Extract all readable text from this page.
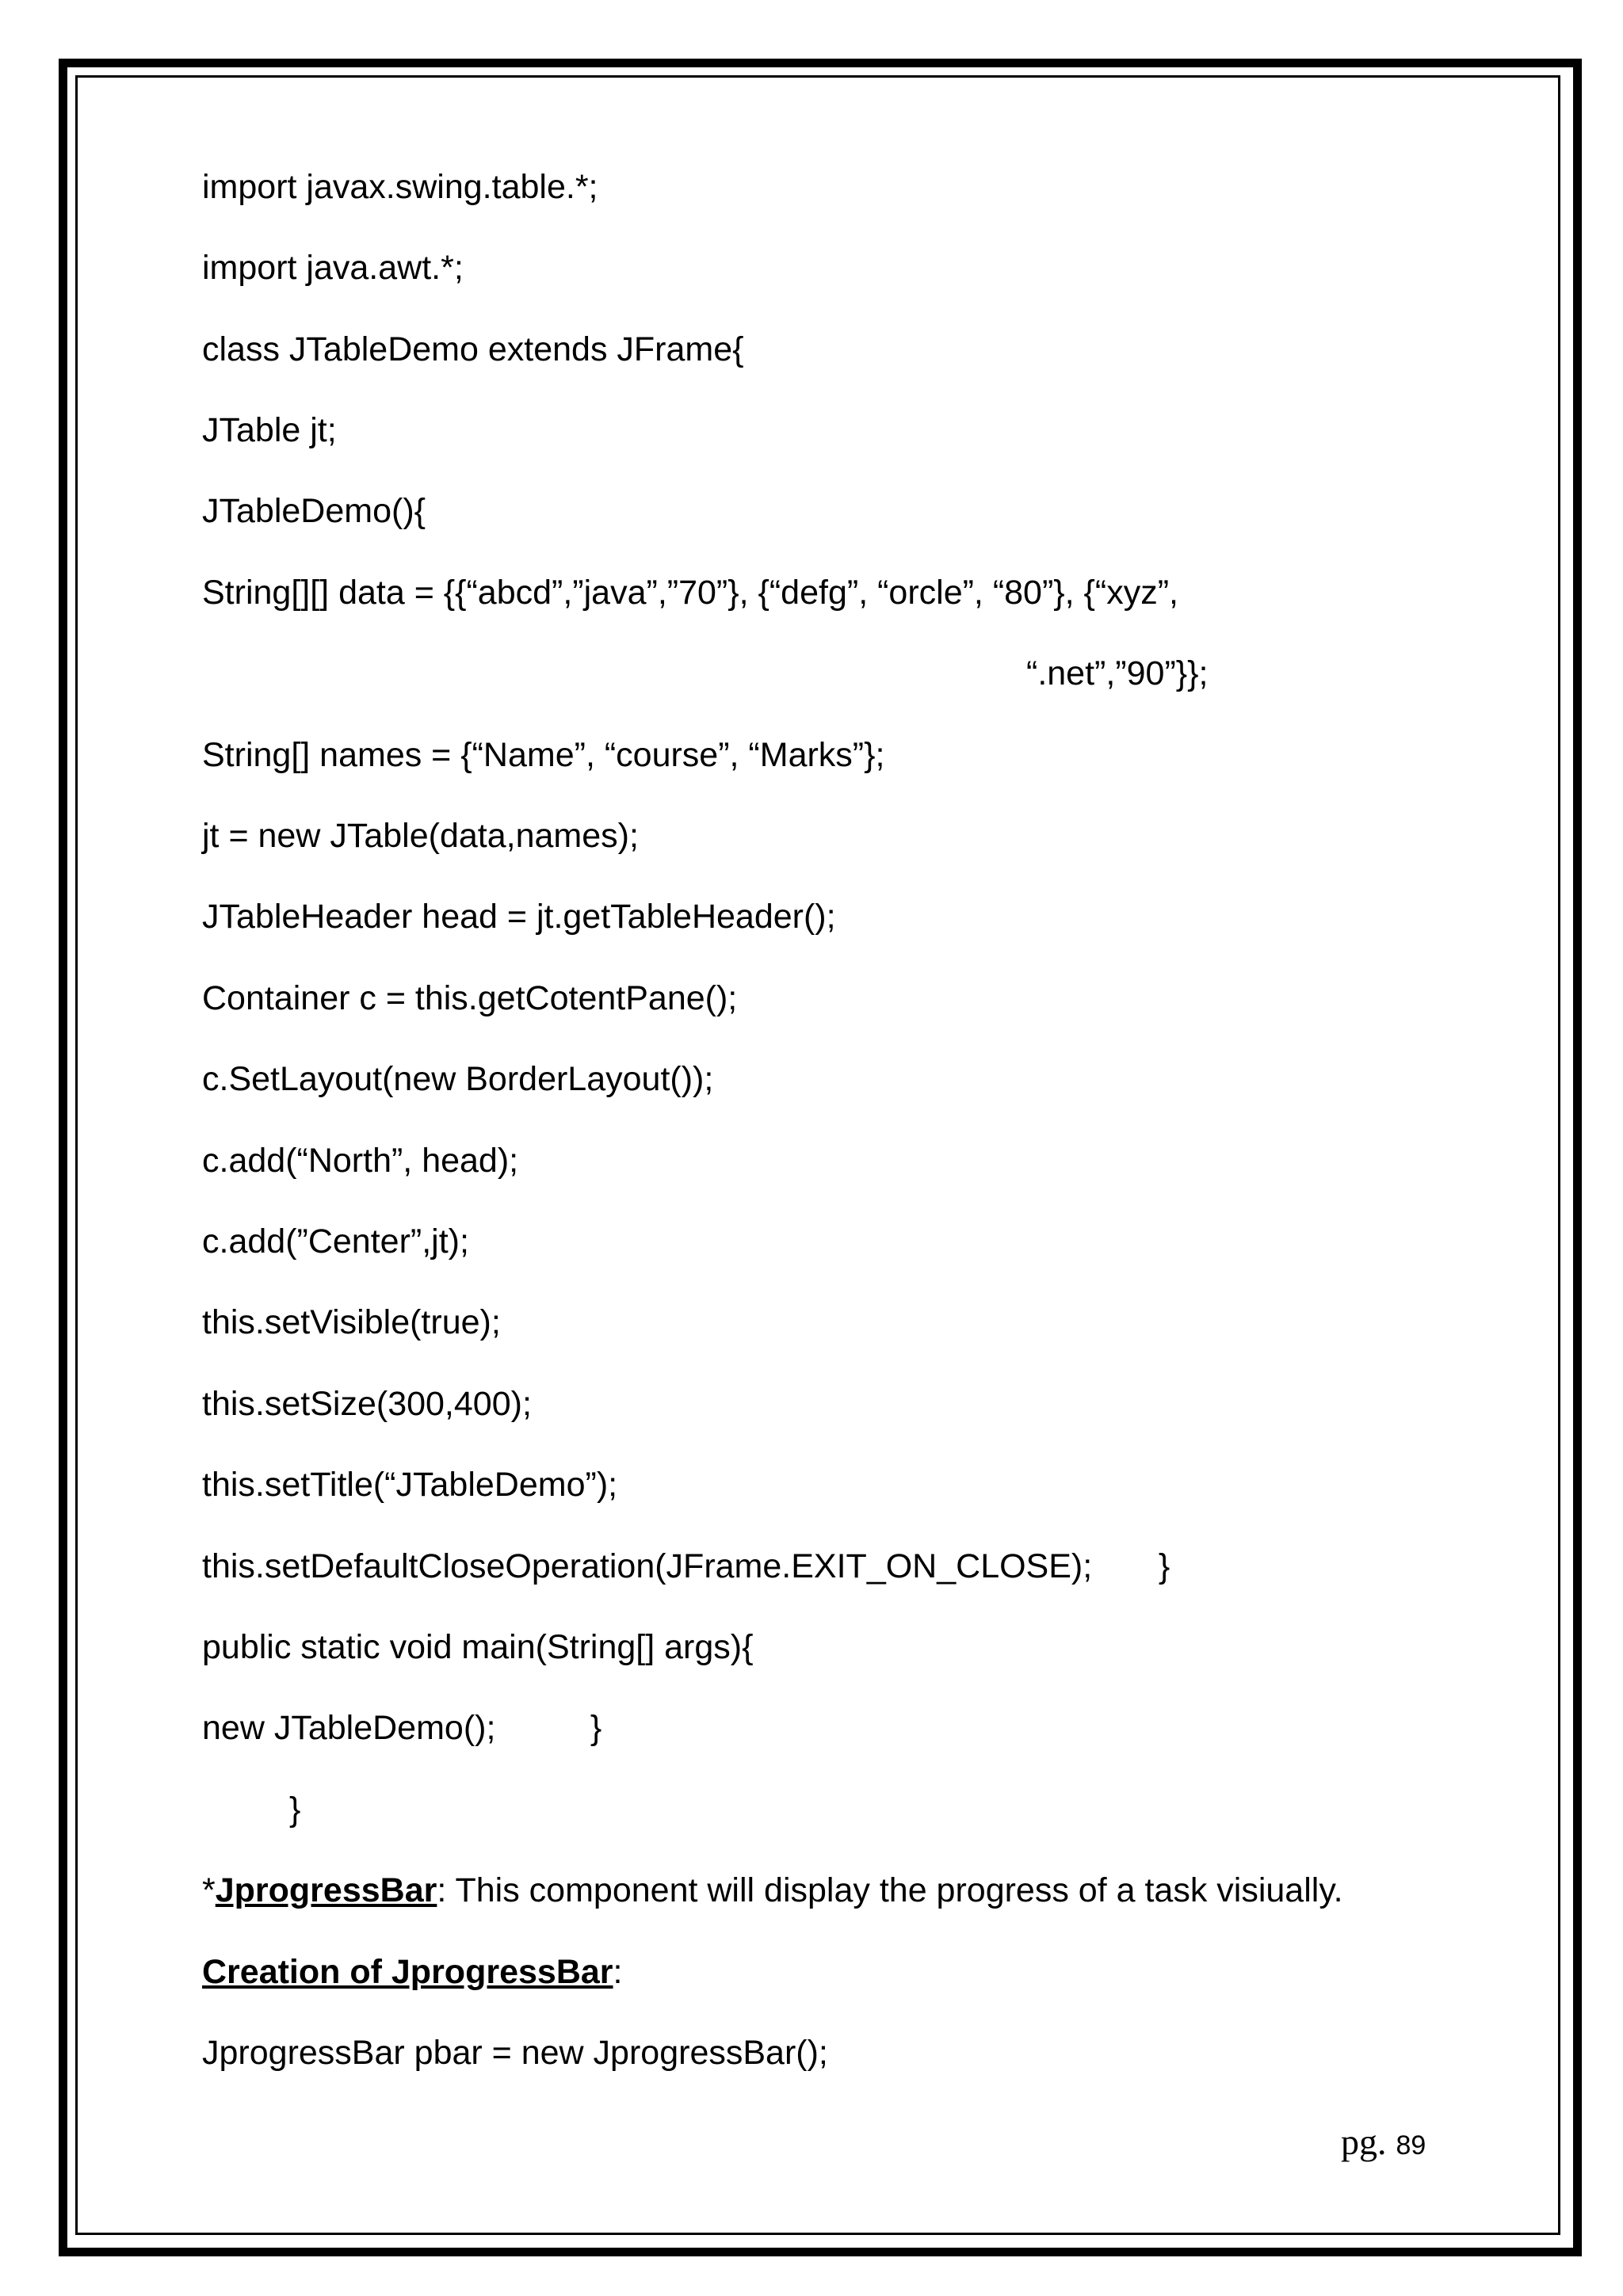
import javax.swing.table.*;
import java.awt.*;
class JTableDemo extends JFrame{
JTable jt;
JTableDemo(){
String[][] data = {{“abcd”,”java”,”70”}, {“defg”, “orcle”, “80”}, {“xyz”,
“.net”,”90”}};
String[] names = {“Name”, “course”, “Marks”};
jt = new JTable(data,names);
JTableHeader head = jt.getTableHeader();
Container c = this.getCotentPane();
c.SetLayout(new BorderLayout());
c.add(“North”, head);
c.add(”Center”,jt);
this.setVisible(true);
this.setSize(300,400);
this.setTitle(“JTableDemo”);
this.setDefaultCloseOperation(JFrame.EXIT_ON_CLOSE);       }
public static void main(String[] args){
new JTableDemo();          }
}
*JprogressBar: This component will display the progress of a task visiually.
Creation of JprogressBar:
JprogressBar pbar = new JprogressBar();
pg. 89
